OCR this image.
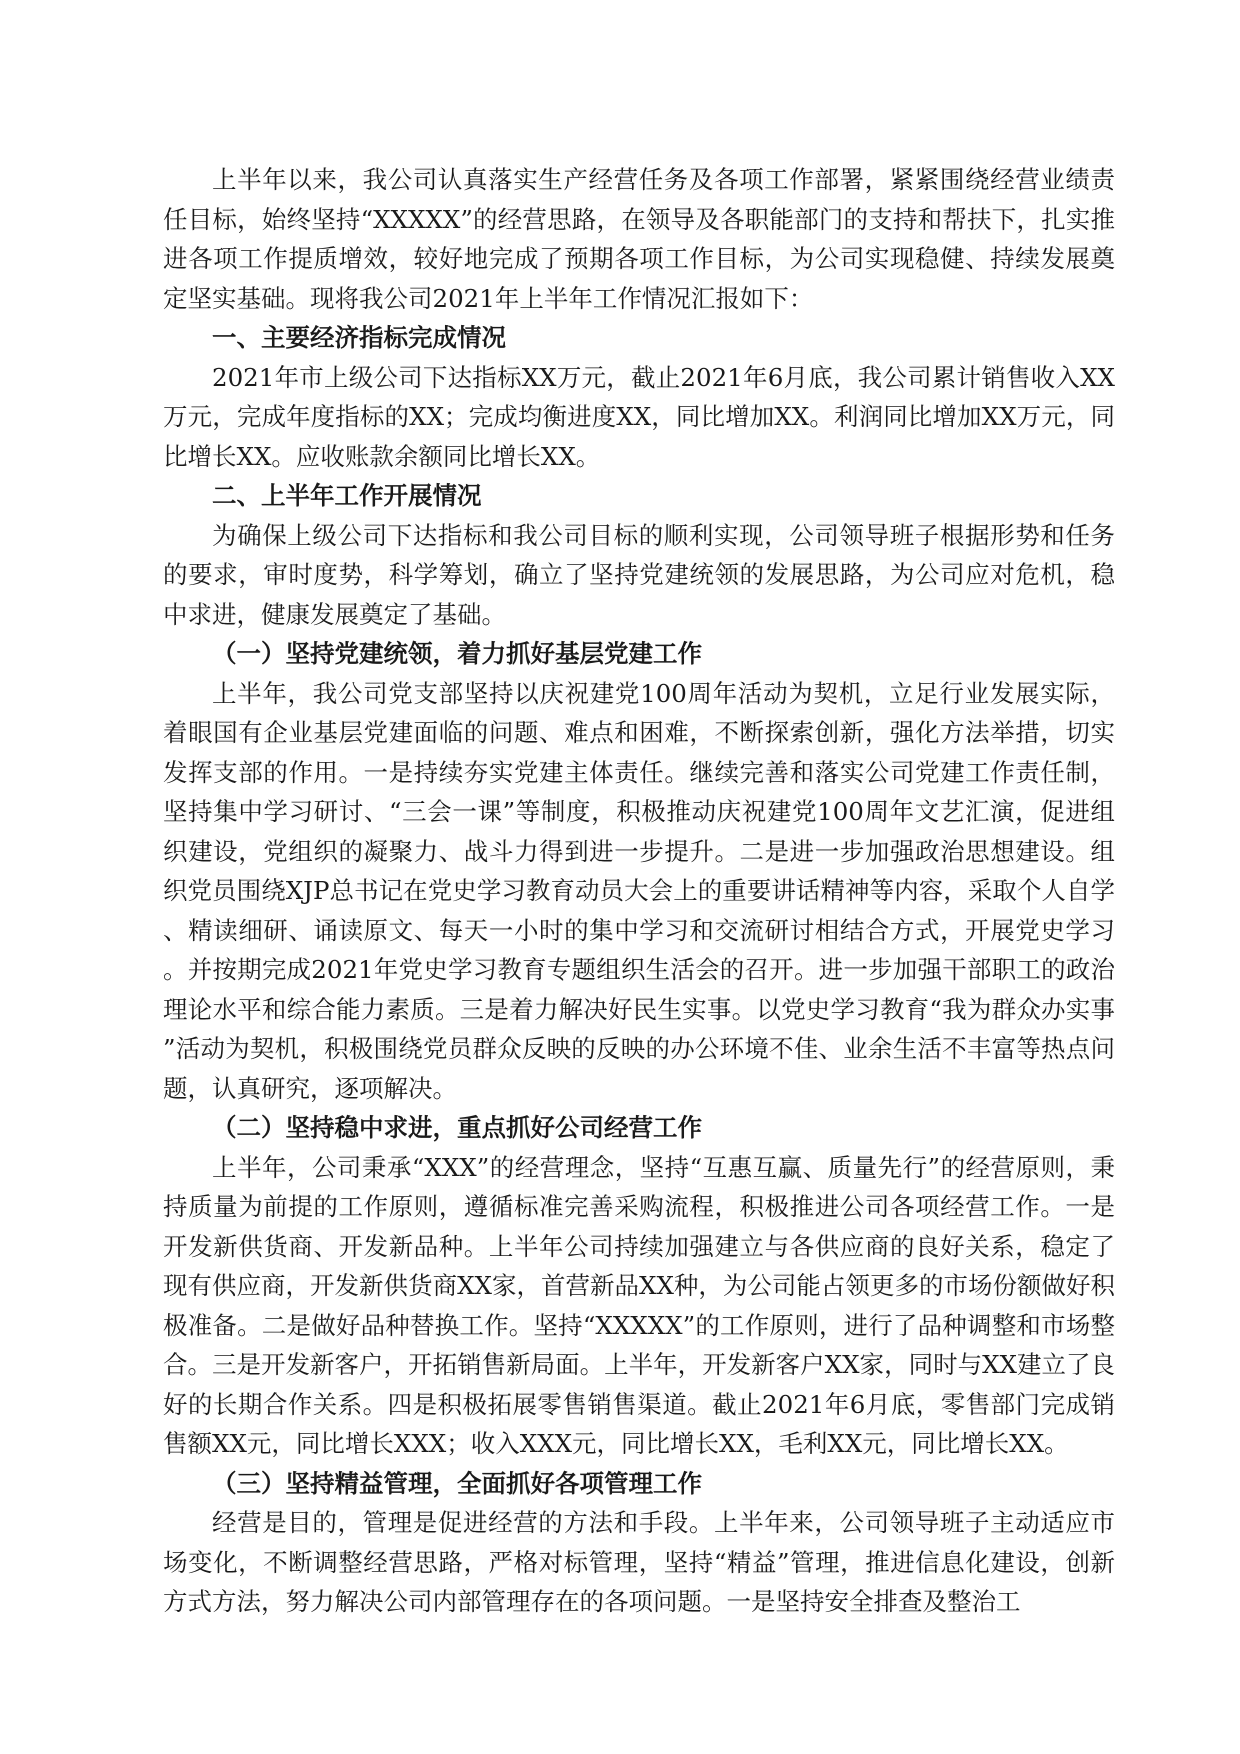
上半年以来，我公司认真落实生产经营任务及各项工作部署，紧紧围绕经营业绩责任目标，始终坚持“XXXXX”的经营思路，在领导及各职能部门的支持和帮扶下，扎实推进各项工作提质增效，较好地完成了预期各项工作目标，为公司实现稳健、持续发展奠定坚实基础。现将我公司2021年上半年工作情况汇报如下：

一、主要经济指标完成情况

2021年市上级公司下达指标XX万元，截止2021年6月底，我公司累计销售收入XX万元，完成年度指标的XX；完成均衡进度XX，同比增加XX。利润同比增加XX万元，同比增长XX。应收账款余额同比增长XX。

二、上半年工作开展情况

为确保上级公司下达指标和我公司目标的顺利实现，公司领导班子根据形势和任务的要求，审时度势，科学筹划，确立了坚持党建统领的发展思路，为公司应对危机，稳中求进，健康发展奠定了基础。

（一）坚持党建统领，着力抓好基层党建工作

上半年，我公司党支部坚持以庆祝建党100周年活动为契机，立足行业发展实际，着眼国有企业基层党建面临的问题、难点和困难，不断探索创新，强化方法举措，切实发挥支部的作用。一是持续夯实党建主体责任。继续完善和落实公司党建工作责任制，坚持集中学习研讨、“三会一课”等制度，积极推动庆祝建党100周年文艺汇演，促进组织建设，党组织的凝聚力、战斗力得到进一步提升。二是进一步加强政治思想建设。组织党员围绕XJP总书记在党史学习教育动员大会上的重要讲话精神等内容，采取个人自学、精读细研、诵读原文、每天一小时的集中学习和交流研讨相结合方式，开展党史学习。并按期完成2021年党史学习教育专题组织生活会的召开。进一步加强干部职工的政治理论水平和综合能力素质。三是着力解决好民生实事。以党史学习教育“我为群众办实事”活动为契机，积极围绕党员群众反映的反映的办公环境不佳、业余生活不丰富等热点问题，认真研究，逐项解决。

（二）坚持稳中求进，重点抓好公司经营工作

上半年，公司秉承“XXX”的经营理念，坚持“互惠互赢、质量先行”的经营原则，秉持质量为前提的工作原则，遵循标准完善采购流程，积极推进公司各项经营工作。一是开发新供货商、开发新品种。上半年公司持续加强建立与各供应商的良好关系，稳定了现有供应商，开发新供货商XX家，首营新品XX种，为公司能占领更多的市场份额做好积极准备。二是做好品种替换工作。坚持“XXXXX”的工作原则，进行了品种调整和市场整合。三是开发新客户，开拓销售新局面。上半年，开发新客户XX家，同时与XX建立了良好的长期合作关系。四是积极拓展零售销售渠道。截止2021年6月底，零售部门完成销售额XX元，同比增长XXX；收入XXX元，同比增长XX，毛利XX元，同比增长XX。

（三）坚持精益管理，全面抓好各项管理工作

经营是目的，管理是促进经营的方法和手段。上半年来，公司领导班子主动适应市场变化，不断调整经营思路，严格对标管理，坚持“精益”管理，推进信息化建设，创新方式方法，努力解决公司内部管理存在的各项问题。一是坚持安全排查及整治工
